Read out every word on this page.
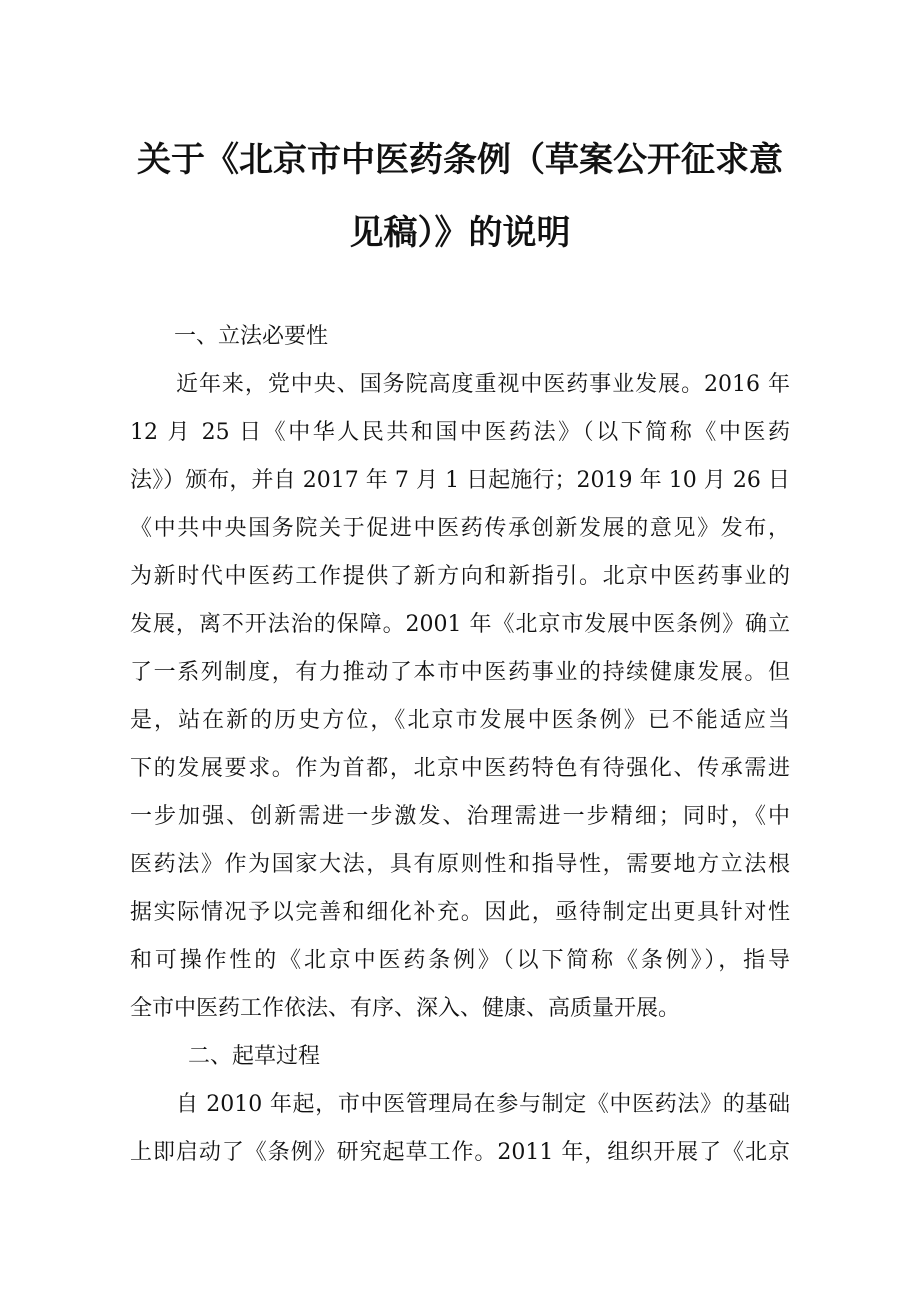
关于《北京市中医药条例（草案公开征求意
见稿）》的说明

一、立法必要性

近年来，党中央、国务院高度重视中医药事业发展。2016 年

12 月 25 日《中华人民共和国中医药法》（以下简称《中医药

法》）颁布，并自 2017 年 7 月 1 日起施行；2019 年 10 月 26 日

《中共中央国务院关于促进中医药传承创新发展的意见》发布，

为新时代中医药工作提供了新方向和新指引。北京中医药事业的

发展，离不开法治的保障。2001 年《北京市发展中医条例》确立

了一系列制度，有力推动了本市中医药事业的持续健康发展。但

是，站在新的历史方位，《北京市发展中医条例》已不能适应当

下的发展要求。作为首都，北京中医药特色有待强化、传承需进

一步加强、创新需进一步激发、治理需进一步精细；同时，《中

医药法》作为国家大法，具有原则性和指导性，需要地方立法根

据实际情况予以完善和细化补充。因此，亟待制定出更具针对性

和可操作性的《北京中医药条例》（以下简称《条例》），指导

全市中医药工作依法、有序、深入、健康、高质量开展。

二、起草过程

自 2010 年起，市中医管理局在参与制定《中医药法》的基础

上即启动了《条例》研究起草工作。2011 年，组织开展了《北京
